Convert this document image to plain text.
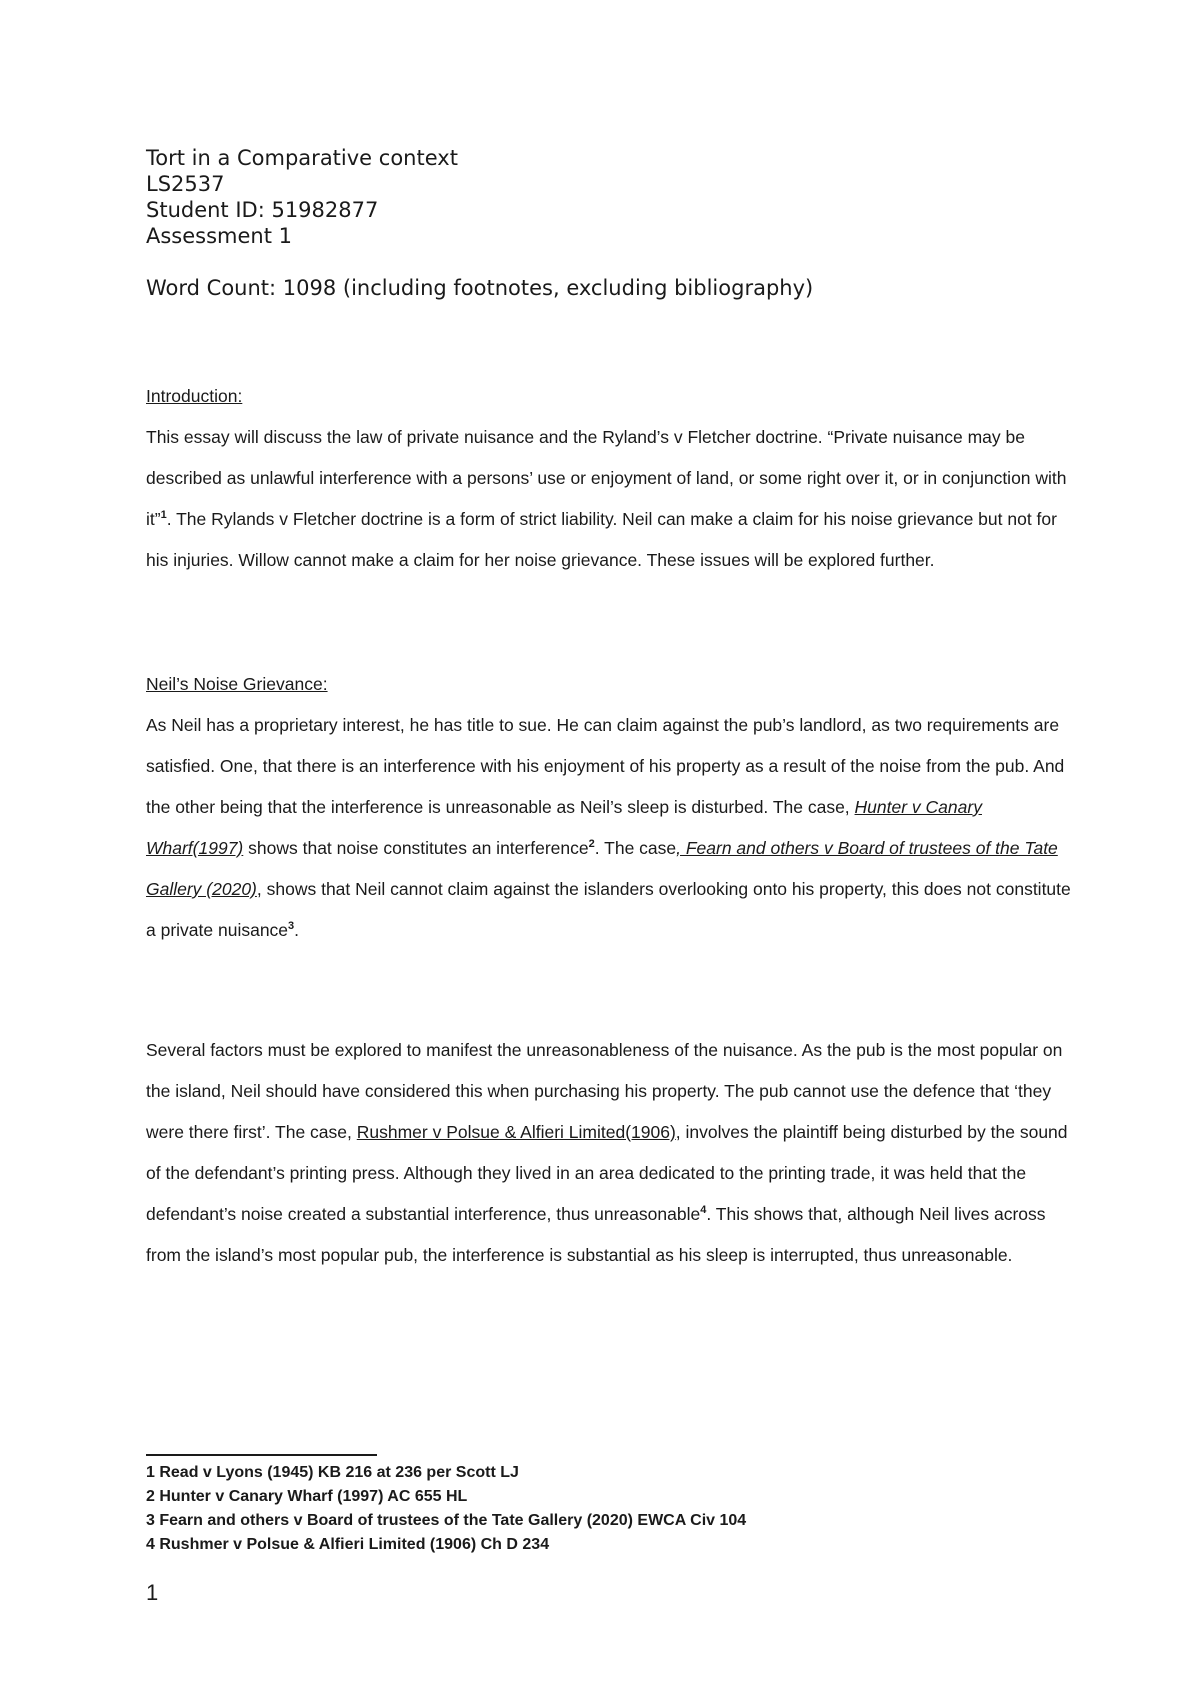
Tort in a Comparative context
LS2537
Student ID: 51982877
Assessment 1
Word Count: 1098 (including footnotes, excluding bibliography)
Introduction:
This essay will discuss the law of private nuisance and the Ryland’s v Fletcher doctrine. “Private nuisance may be described as unlawful interference with a persons’ use or enjoyment of land, or some right over it, or in conjunction with it”$^1$. The Rylands v Fletcher doctrine is a form of strict liability. Neil can make a claim for his noise grievance but not for his injuries. Willow cannot make a claim for her noise grievance. These issues will be explored further.
Neil’s Noise Grievance:
As Neil has a proprietary interest, he has title to sue. He can claim against the pub’s landlord, as two requirements are satisfied. One, that there is an interference with his enjoyment of his property as a result of the noise from the pub. And the other being that the interference is unreasonable as Neil’s sleep is disturbed. The case, Hunter v Canary Wharf(1997) shows that noise constitutes an interference$^2$. The case, Fearn and others v Board of trustees of the Tate Gallery (2020), shows that Neil cannot claim against the islanders overlooking onto his property, this does not constitute a private nuisance$^3$.
Several factors must be explored to manifest the unreasonableness of the nuisance. As the pub is the most popular on the island, Neil should have considered this when purchasing his property. The pub cannot use the defence that ‘they were there first’. The case, Rushmer v Polsue & Alfieri Limited(1906), involves the plaintiff being disturbed by the sound of the defendant’s printing press. Although they lived in an area dedicated to the printing trade, it was held that the defendant’s noise created a substantial interference, thus unreasonable$^4$. This shows that, although Neil lives across from the island’s most popular pub, the interference is substantial as his sleep is interrupted, thus unreasonable.
1 Read v Lyons (1945) KB 216 at 236 per Scott LJ
2 Hunter v Canary Wharf (1997) AC 655 HL
3 Fearn and others v Board of trustees of the Tate Gallery (2020) EWCA Civ 104
4 Rushmer v Polsue & Alfieri Limited (1906) Ch D 234
1
